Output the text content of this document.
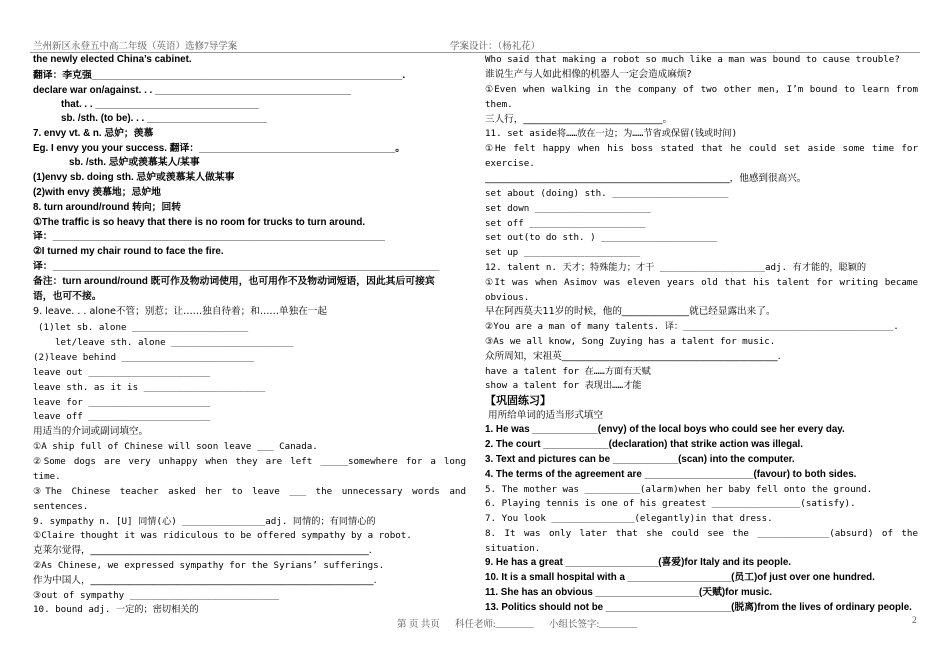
兰州新区永登五中高二年级（英语）选修7导学案	学案设计：（杨礼花）
the newly elected China’s cabinet.
翻译：李克强_________________________________________________________.
declare war on/against. . . ____________________________________
that. . . ______________________________
sb. /sth. (to be). . . ______________________
7. envy vt. & n. 忌妒；羡慕
Eg. I envy you your success. 翻译：____________________________________。
sb. /sth. 忌妒或羡慕某人/某事
(1)envy sb. doing sth. 忌妒或羡慕某人做某事
(2)with envy 羡慕地；忌妒地
8. turn around/round 转向；回转
①The traffic is so heavy that there is no room for trucks to turn around.
译：_____________________________________________________________
②I turned my chair round to face the fire.
译：_______________________________________________________________________
备注：turn around/round 既可作及物动词使用，也可用作不及物动词短语，因此其后可接宾
语，也可不接。
9. leave. . . alone不管；别惹；让……独自待着；和……单独在一起
(1)let sb. alone _____________________
let/leave sth. alone ______________________
(2)leave behind ________________________
leave out ______________________
leave sth. as it is ______________________
leave for ______________________
leave off ______________________
用适当的介词或副词填空。
①A ship full of Chinese will soon leave ___ Canada.
②Some dogs are very unhappy when they are left _____somewhere for a long
time.
③The Chinese teacher asked her to leave ___ the unnecessary words and
sentences.
9. sympathy n. [U] 同情(心) _______________adj. 同情的；有同情心的
①Claire thought it was ridiculous to be offered sympathy by a robot.
克莱尔觉得，__________________________________________________________.
②As Chinese, we expressed sympathy for the Syrians’ sufferings.
作为中国人，___________________________________________________________.
③out of sympathy ___________________________
10. bound adj. 一定的；密切相关的
Who said that making a robot so much like a man was bound to cause trouble?
谁说生产与人如此相像的机器人一定会造成麻烦?
①Even when walking in the company of two other men, I’m bound to learn from
them.
三人行，_____________________________。
11. set aside将……放在一边；为……节省或保留(钱或时间)
①He felt happy when his boss stated that he could set aside some time for
exercise.
___________________________________________________，他感到很高兴。
set about (doing) sth. _____________________
set down _____________________
set off _____________________
set out(to do sth. ) _____________________
set up _____________________
12. talent n. 天才；特殊能力；才干 ___________________adj. 有才能的，聪颖的
①It was when Asimov was eleven years old that his talent for writing became
obvious.
早在阿西莫夫11岁的时候，他的______________就已经显露出来了。
②You are a man of many talents. 译：______________________________________.
③As we all know, Song Zuying has a talent for music.
众所周知，宋祖英_____________________________________________.
have a talent for 在……方面有天赋
show a talent for 表现出……才能
【巩固练习】
用所给单词的适当形式填空
1. He was ____________(envy) of the local boys who could see her every day.
2. The court ____________(declaration) that strike action was illegal.
3. Text and pictures can be ____________(scan) into the computer.
4. The terms of the agreement are ____________________(favour) to both sides.
5. The mother was __________(alarm)when her baby fell onto the ground.
6. Playing tennis is one of his greatest ________________(satisfy).
7. You look _______________(elegantly)in that dress.
8. It was only later that she could see the _____________(absurd) of the
situation.
9. He has a great _________________(喜爱)for Italy and its people.
10. It is a small hospital with a ___________________(员工)of just over one hundred.
11. She has an obvious ___________________(天赋)for music.
13. Politics should not be _______________________(脱离)from the lives of ordinary people.
第 页 共页 科任老师:________ 小组长签字:________	2
